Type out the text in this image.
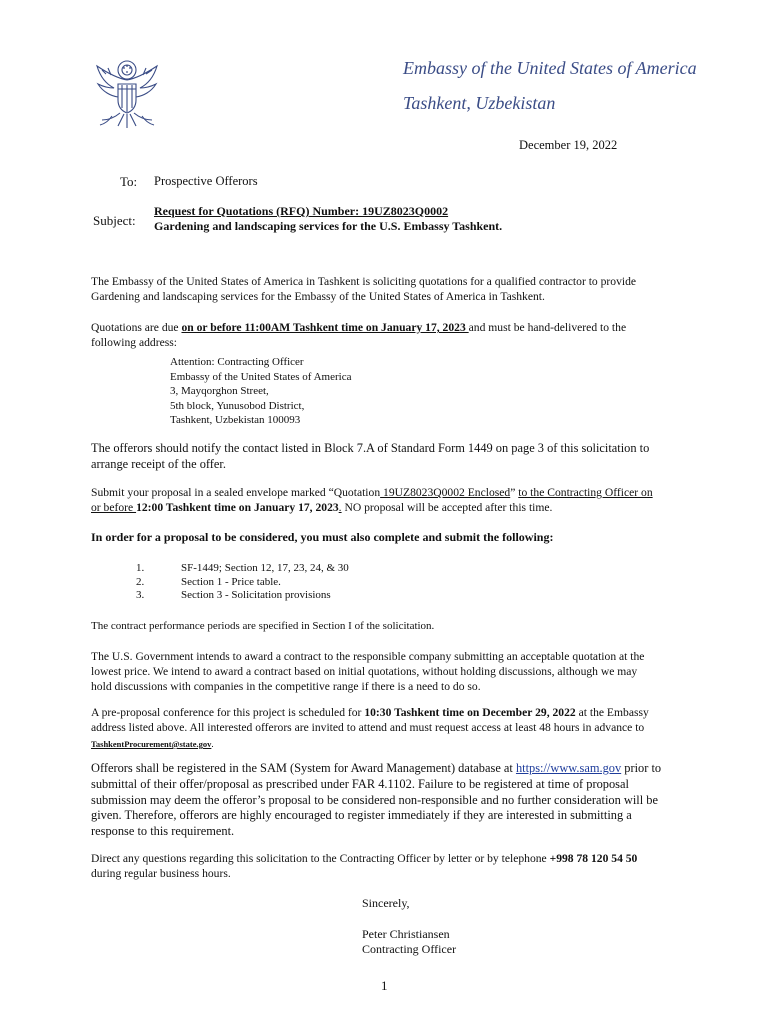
Embassy of the United States of America
Tashkent, Uzbekistan
December 19, 2022
To: Prospective Offerors
Subject:
Request for Quotations (RFQ) Number: 19UZ8023Q0002
Gardening and landscaping services for the U.S. Embassy Tashkent.
The Embassy of the United States of America in Tashkent is soliciting quotations for a qualified contractor to provide
Gardening and landscaping services for the Embassy of the United States of America in Tashkent.
Quotations are due on or before 11:00AM Tashkent time on January 17, 2023 and must be hand-delivered to the
following address:
Attention: Contracting Officer
Embassy of the United States of America
3, Mayqorghon Street,
5th block, Yunusobod District,
Tashkent, Uzbekistan 100093
The offerors should notify the contact listed in Block 7.A of Standard Form 1449 on page 3 of this solicitation to
arrange receipt of the offer.
Submit your proposal in a sealed envelope marked “Quotation 19UZ8023Q0002 Enclosed” to the Contracting Officer on
or before 12:00 Tashkent time on January 17, 2023. NO proposal will be accepted after this time.
In order for a proposal to be considered, you must also complete and submit the following:
1.	SF-1449; Section 12, 17, 23, 24, & 30
2.	Section 1 - Price table.
3.	Section 3 - Solicitation provisions
The contract performance periods are specified in Section I of the solicitation.
The U.S. Government intends to award a contract to the responsible company submitting an acceptable quotation at the
lowest price. We intend to award a contract based on initial quotations, without holding discussions, although we may
hold discussions with companies in the competitive range if there is a need to do so.
A pre-proposal conference for this project is scheduled for 10:30 Tashkent time on December 29, 2022 at the Embassy
address listed above. All interested offerors are invited to attend and must request access at least 48 hours in advance to
TashkentProcurement@state.gov.
Offerors shall be registered in the SAM (System for Award Management) database at https://www.sam.gov prior to
submittal of their offer/proposal as prescribed under FAR 4.1102. Failure to be registered at time of proposal
submission may deem the offeror’s proposal to be considered non-responsible and no further consideration will be
given. Therefore, offerors are highly encouraged to register immediately if they are interested in submitting a
response to this requirement.
Direct any questions regarding this solicitation to the Contracting Officer by letter or by telephone +998 78 120 54 50
during regular business hours.
Sincerely,
Peter Christiansen
Contracting Officer
1
